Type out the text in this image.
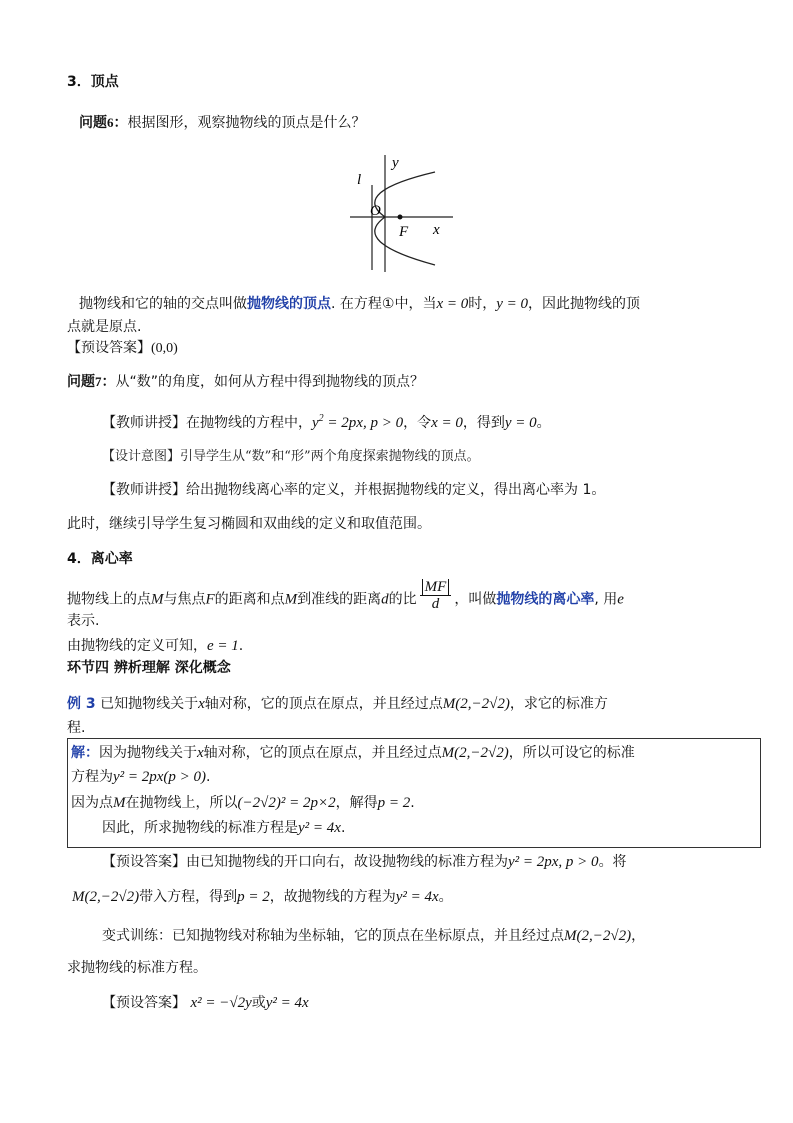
3．顶点
问题6：根据图形，观察抛物线的顶点是什么？
l
y
O
F x
抛物线和它的轴的交点叫做抛物线的顶点. 在方程①中，当x = 0时，y = 0，因此抛物线的顶
点就是原点.
【预设答案】(0,0)
问题7：从“数”的角度，如何从方程中得到抛物线的顶点？
【教师讲授】在抛物线的方程中，$y^2 = 2px$, p > 0，令x = 0，得到y = 0。
【设计意图】引导学生从“数”和“形”两个角度探索抛物线的顶点。
【教师讲授】给出抛物线离心率的定义，并根据抛物线的定义，得出离心率为 1。
此时，继续引导学生复习椭圆和双曲线的定义和取值范围。
4．离心率
抛物线上的点M与焦点F的距离和点M到准线的距离d的比 $\frac{MF}{d}$ ，叫做抛物线的离心率, 用e
表示.
由抛物线的定义可知，e = 1.
环节四 辨析理解 深化概念
例 3 已知抛物线关于x轴对称，它的顶点在原点，并且经过点M(2,−2√2)，求它的标准方
程.
解：因为抛物线关于x轴对称，它的顶点在原点，并且经过点M(2,−2√2)，所以可设它的标准
方程为y² = 2px(p > 0).
因为点M在抛物线上，所以(−2√2)² = 2p×2，解得p = 2.
因此，所求抛物线的标准方程是y² = 4x.
【预设答案】由已知抛物线的开口向右，故设抛物线的标准方程为y² = 2px, p > 0。将
M(2,−2√2)带入方程，得到p = 2，故抛物线的方程为y² = 4x。
变式训练：已知抛物线对称轴为坐标轴，它的顶点在坐标原点，并且经过点M(2,−2√2)，
求抛物线的标准方程。
【预设答案】 x² = −√2y或y² = 4x
